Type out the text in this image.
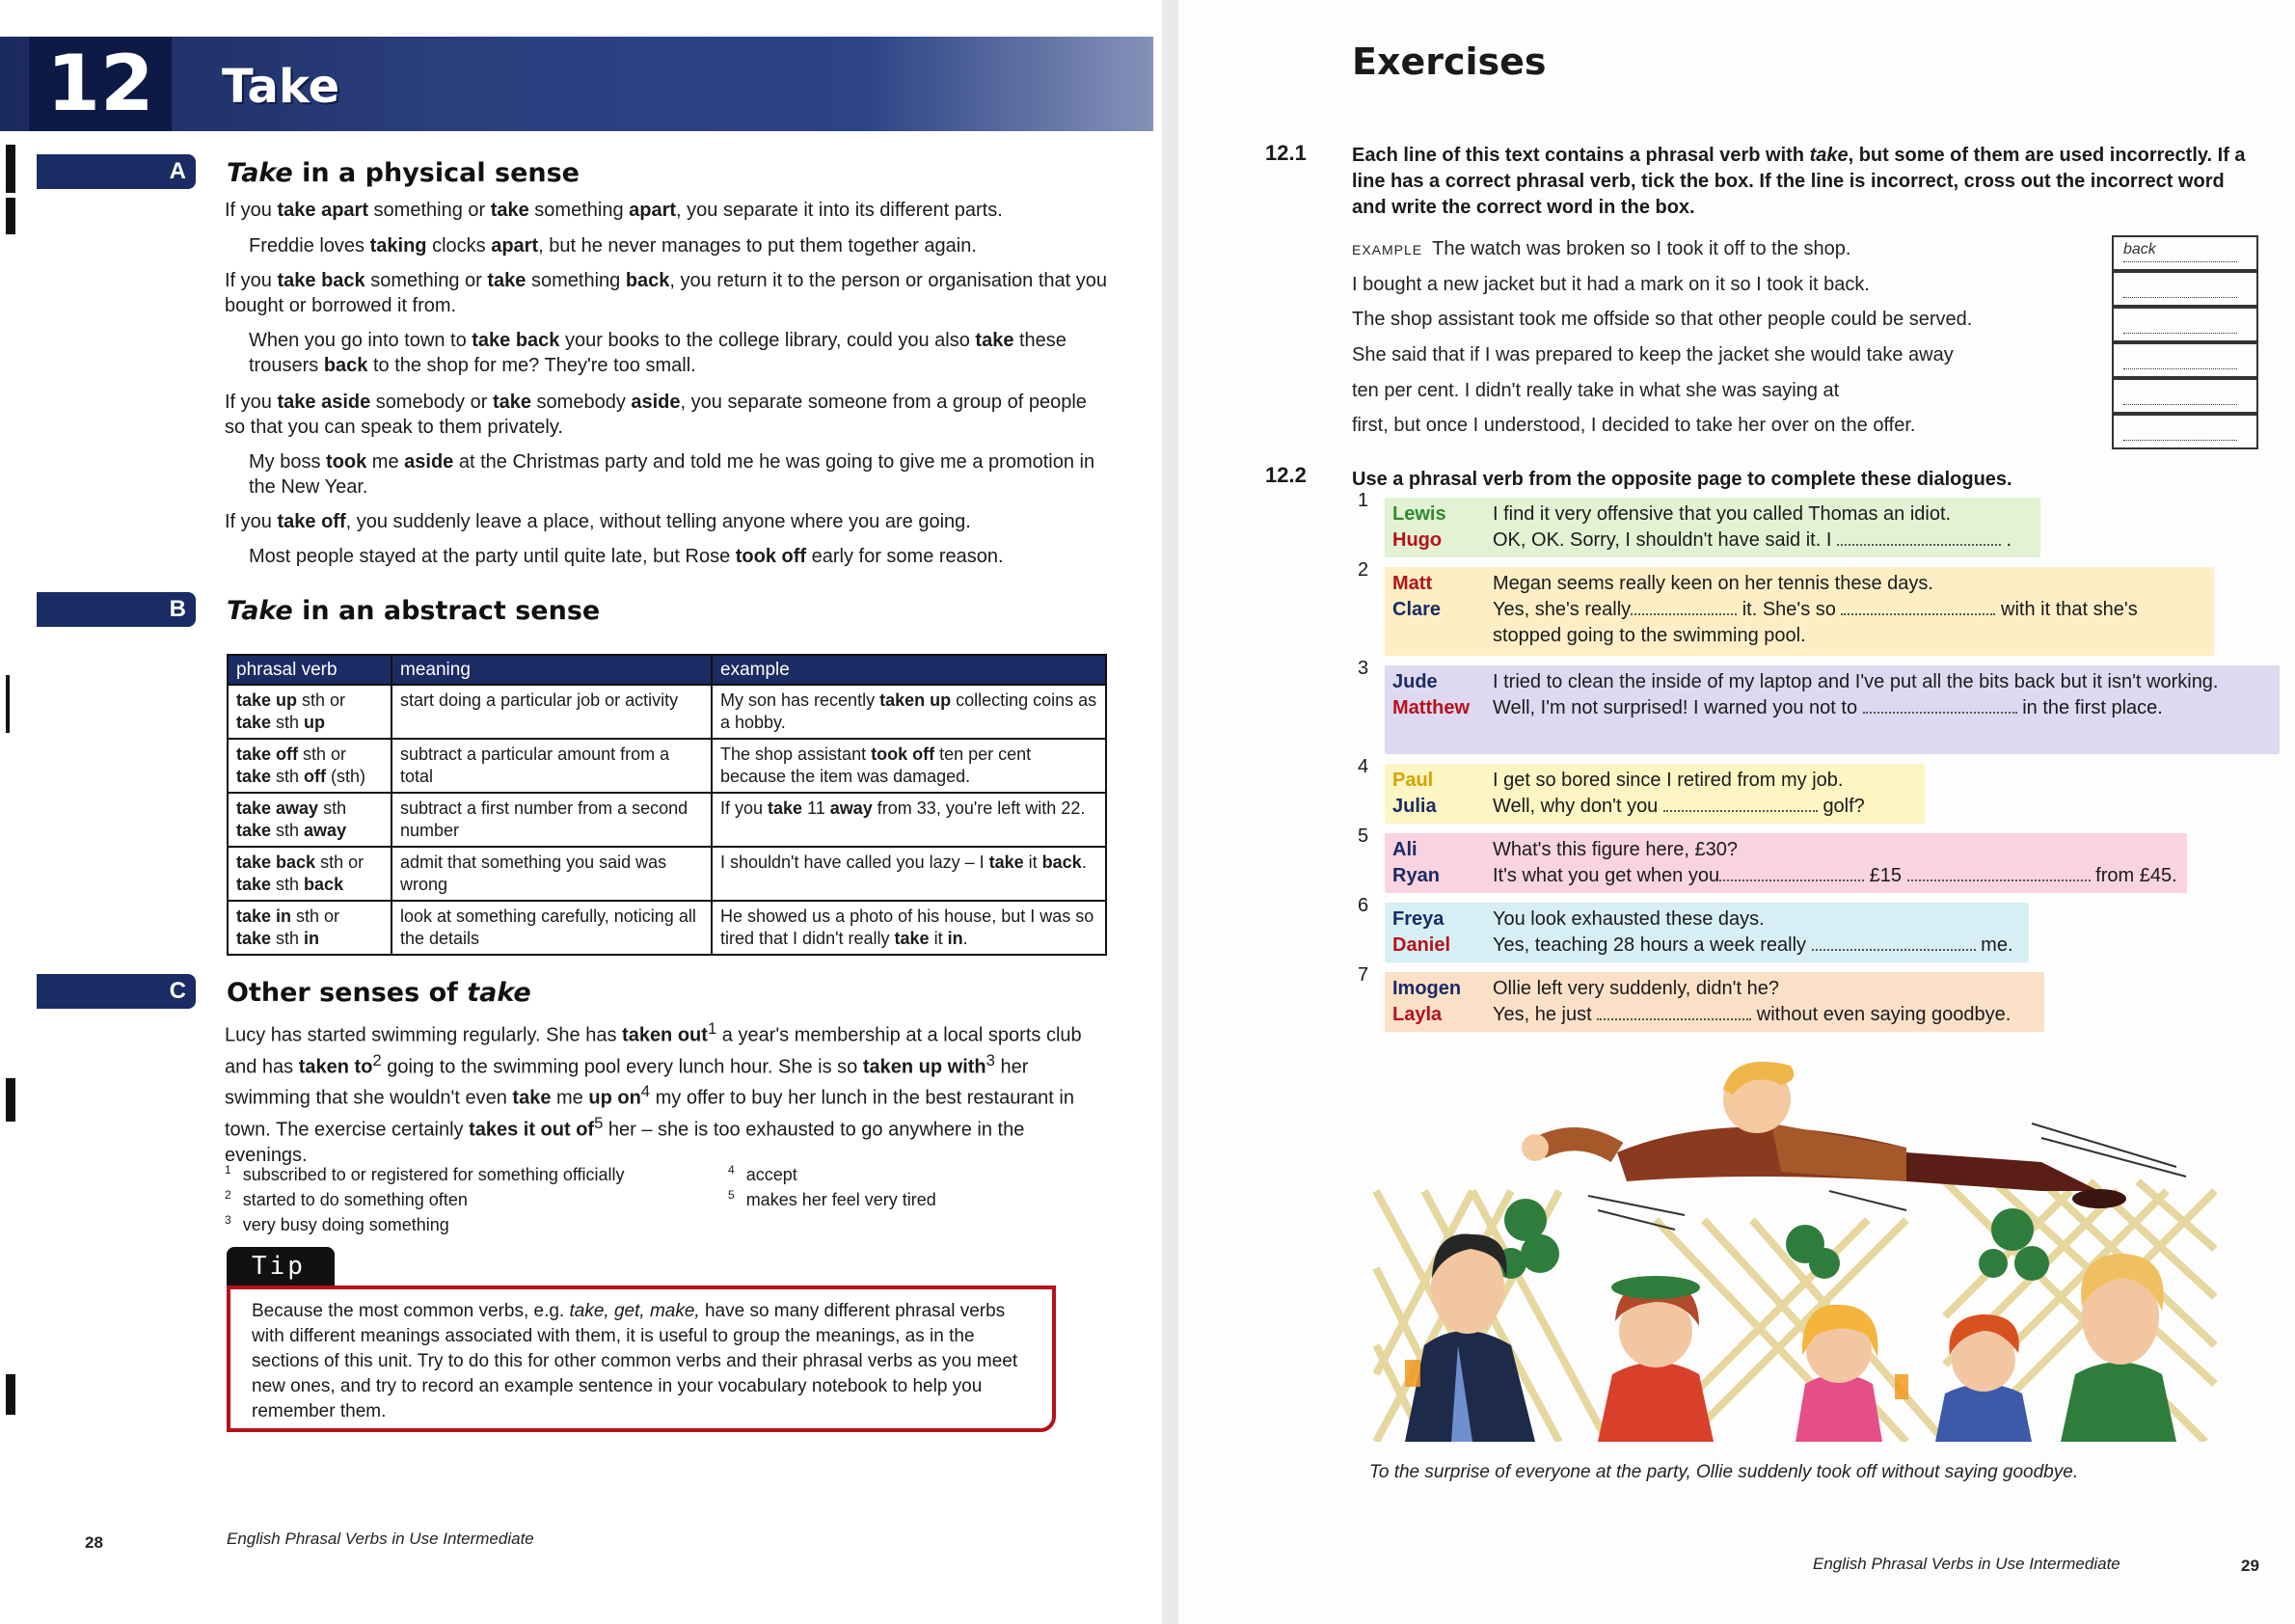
12	Take
A	Take in a physical sense
If you take apart something or take something apart, you separate it into its different parts.
Freddie loves taking clocks apart, but he never manages to put them together again.
If you take back something or take something back, you return it to the person or organisation that you bought or borrowed it from.
When you go into town to take back your books to the college library, could you also take these trousers back to the shop for me? They're too small.
If you take aside somebody or take somebody aside, you separate someone from a group of people so that you can speak to them privately.
My boss took me aside at the Christmas party and told me he was going to give me a promotion in the New Year.
If you take off, you suddenly leave a place, without telling anyone where you are going.
Most people stayed at the party until quite late, but Rose took off early for some reason.
B	Take in an abstract sense
phrasal verb	meaning	example
take up sth or
take sth up	start doing a particular job or activity	My son has recently taken up collecting coins as a hobby.
take off sth or
take sth off (sth)	subtract a particular amount from a total	The shop assistant took off ten per cent because the item was damaged.
take away sth
take sth away	subtract a first number from a second number	If you take 11 away from 33, you're left with 22.
take back sth or
take sth back	admit that something you said was wrong	I shouldn't have called you lazy – I take it back.
take in sth or
take sth in	look at something carefully, noticing all the details	He showed us a photo of his house, but I was so tired that I didn't really take it in.
C	Other senses of take
Lucy has started swimming regularly. She has taken out$^1$ a year's membership at a local sports club and has taken $to^2$ going to the swimming pool every lunch hour. She is so taken up with$^3$ her swimming that she wouldn't even take me up $on^4$ my offer to buy her lunch in the best restaurant in town. The exercise certainly takes it out $of^5$ her – she is too exhausted to go anywhere in the evenings.
$^1$ subscribed to or registered for something officially
$^2$ started to do something often
$^3$ very busy doing something
$^4$ accept
$^5$ makes her feel very tired
Tip
Because the most common verbs, e.g. take, get, make, have so many different phrasal verbs with different meanings associated with them, it is useful to group the meanings, as in the sections of this unit. Try to do this for other common verbs and their phrasal verbs as you meet new ones, and try to record an example sentence in your vocabulary notebook to help you remember them.
28	English Phrasal Verbs in Use Intermediate
Exercises
12.1 Each line of this text contains a phrasal verb with take, but some of them are used incorrectly. If a line has a correct phrasal verb, tick the box. If the line is incorrect, cross out the incorrect word and write the correct word in the box.
EXAMPLE The watch was broken so I took it off to the shop.
I bought a new jacket but it had a mark on it so I took it back.
The shop assistant took me offside so that other people could be served.
She said that if I was prepared to keep the jacket she would take away
ten per cent. I didn't really take in what she was saying at
first, but once I understood, I decided to take her over on the offer.
back
12.2 Use a phrasal verb from the opposite page to complete these dialogues.
1
Lewis I find it very offensive that you called Thomas an idiot.
Hugo	OK, OK. Sorry, I shouldn't have said it. I	.
2
Matt	Megan seems really keen on her tennis these days.
Clare	Yes, she's really	it. She's so	with it that she's stopped going to the swimming pool.
3
Jude	I tried to clean the inside of my laptop and I've put all the bits back but it isn't working.
Matthew Well, I'm not surprised! I warned you not to	in the first place.
4
Paul	I get so bored since I retired from my job.
Julia	Well, why don't you	golf?
5
Ali	What's this figure here, £30?
Ryan	It's what you get when you	£15	from £45.
6
Freya	You look exhausted these days.
Daniel Yes, teaching 28 hours a week really	me.
7
Imogen Ollie left very suddenly, didn't he?
Layla	Yes, he just	without even saying goodbye.
To the surprise of everyone at the party, Ollie suddenly took off without saying goodbye.
English Phrasal Verbs in Use Intermediate	29
